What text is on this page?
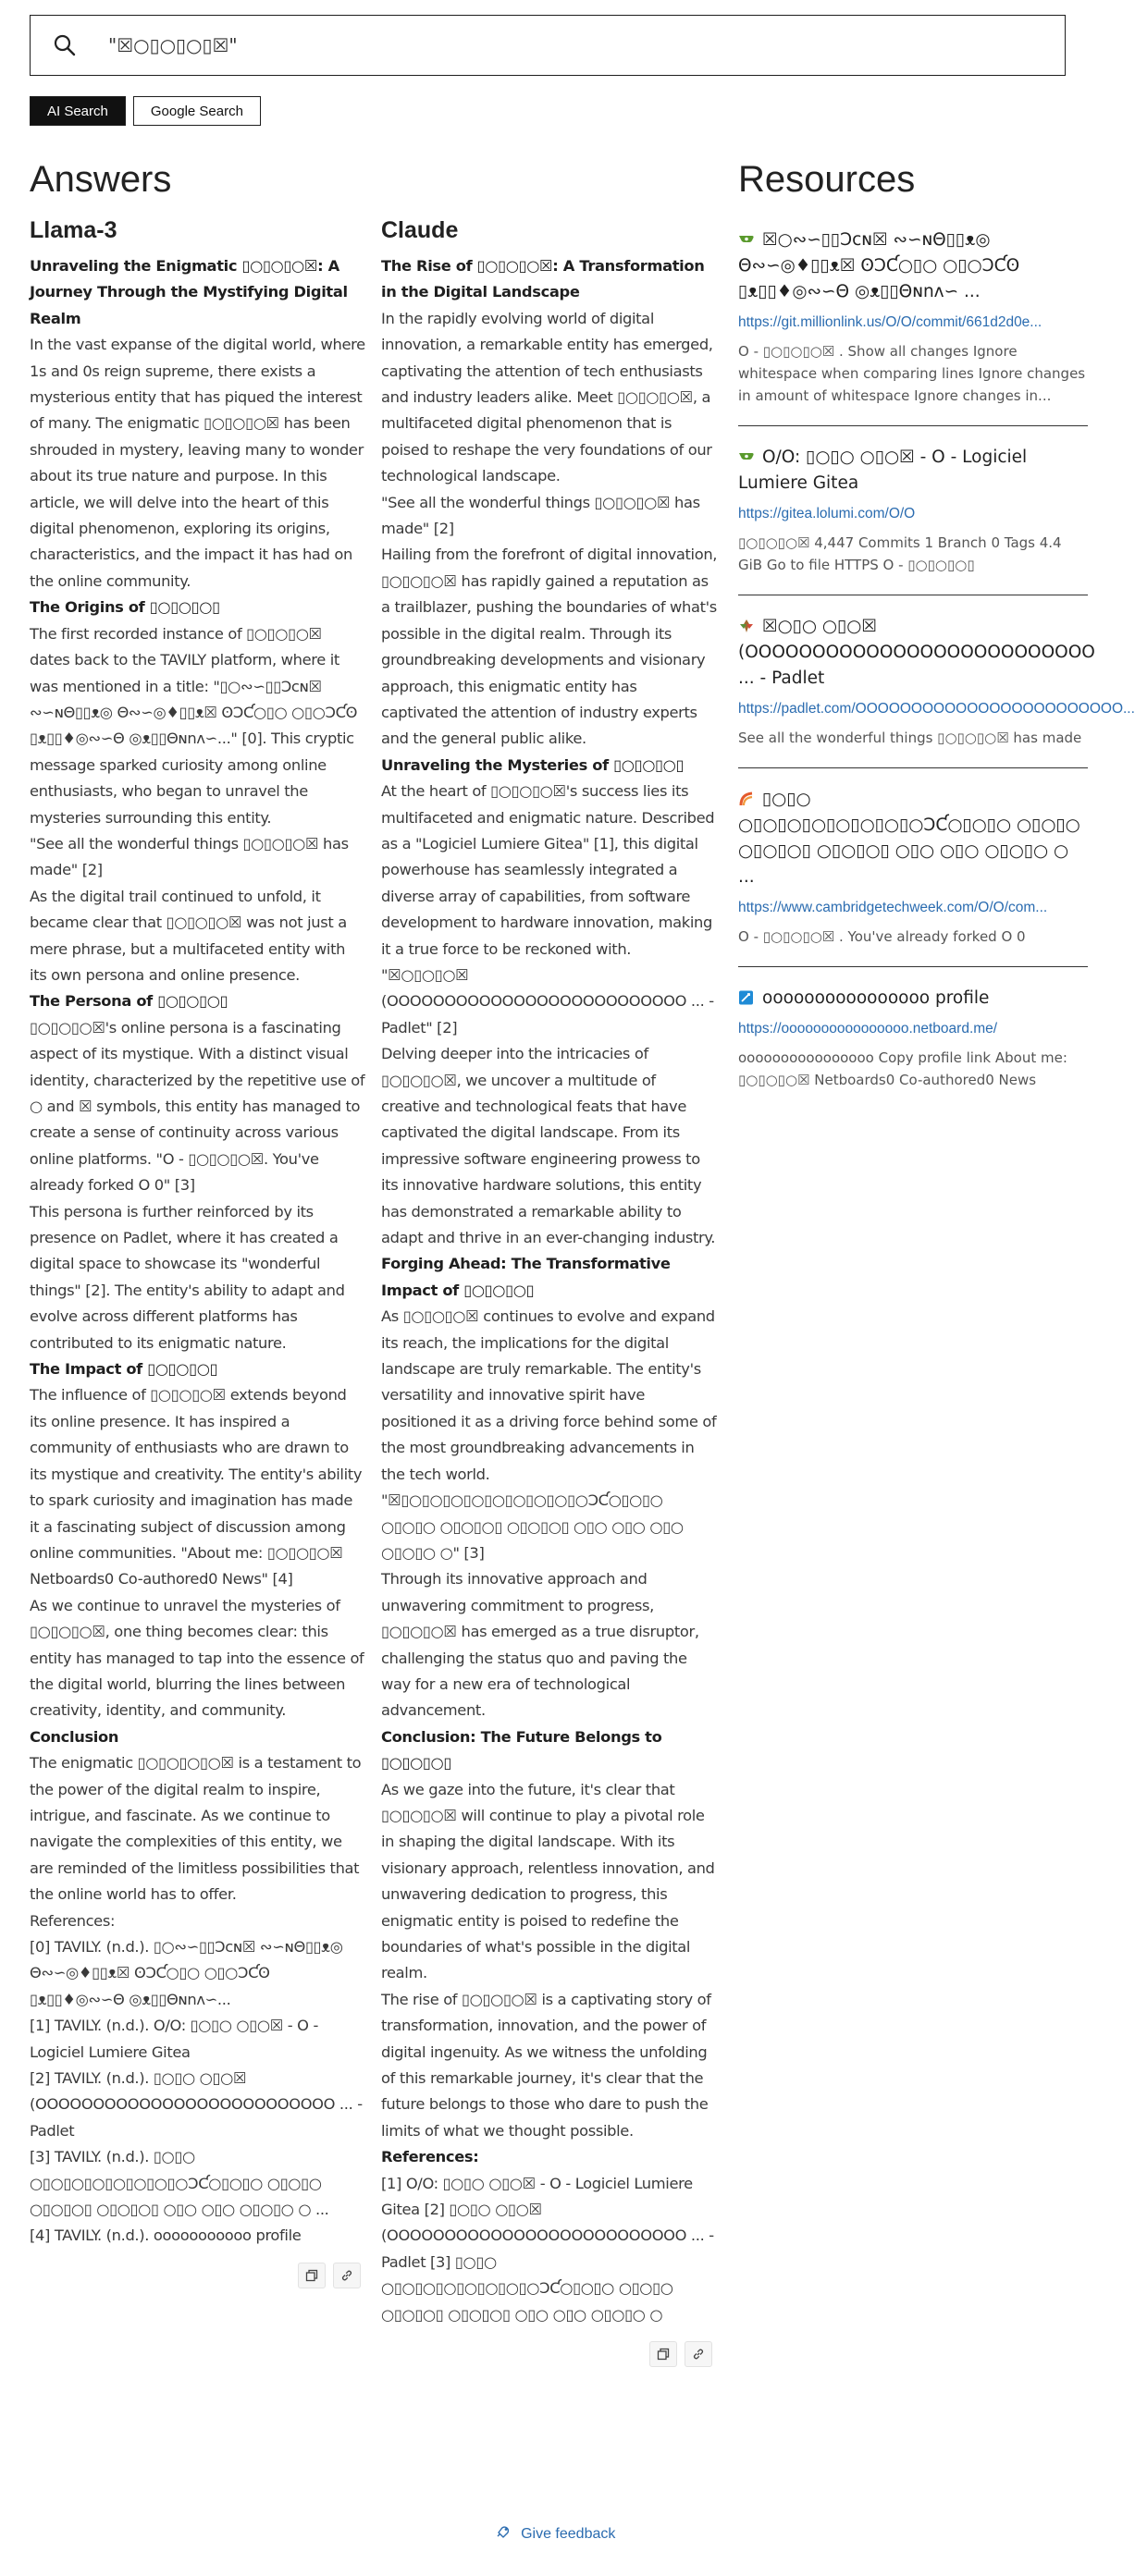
"☒○▯○▯○▯☒"
AI Search	Google Search
Answers
Llama-3

Unraveling the Enigmatic ▯○▯○▯○☒: A Journey Through the Mystifying Digital Realm

In the vast expanse of the digital world, where 1s and 0s reign supreme, there exists a mysterious entity that has piqued the interest of many. The enigmatic ▯○▯○▯○☒ has been shrouded in mystery, leaving many to wonder about its true nature and purpose. In this article, we will delve into the heart of this digital phenomenon, exploring its origins, characteristics, and the impact it has had on the online community.

The Origins of ▯○▯○▯○▯

The first recorded instance of ▯○▯○▯○☒ dates back to the TAVILY platform, where it was mentioned in a title: "▯○∾∽▯▯Ↄⅽɴ☒ ∾∽ɴΘ▯▯ᴥ◎ Θ∾∽◎♦▯▯ᴥ☒ ʘↃƇ○▯○ ○▯○ↃƇʘ ▯ᴥ▯▯♦◎∾∽Θ ◎ᴥ▯▯Θɴnᴧ∽..." [0]. This cryptic message sparked curiosity among online enthusiasts, who began to unravel the mysteries surrounding this entity.

"See all the wonderful things ▯○▯○▯○☒ has made" [2]

As the digital trail continued to unfold, it became clear that ▯○▯○▯○☒ was not just a mere phrase, but a multifaceted entity with its own persona and online presence.

The Persona of ▯○▯○▯○▯

▯○▯○▯○☒'s online persona is a fascinating aspect of its mystique. With a distinct visual identity, characterized by the repetitive use of ○ and ☒ symbols, this entity has managed to create a sense of continuity across various online platforms. "O - ▯○▯○▯○☒. You've already forked O 0" [3]

This persona is further reinforced by its presence on Padlet, where it has created a digital space to showcase its "wonderful things" [2]. The entity's ability to adapt and evolve across different platforms has contributed to its enigmatic nature.

The Impact of ▯○▯○▯○▯

The influence of ▯○▯○▯○☒ extends beyond its online presence. It has inspired a community of enthusiasts who are drawn to its mystique and creativity. The entity's ability to spark curiosity and imagination has made it a fascinating subject of discussion among online communities. "About me: ▯○▯○▯○☒ Netboards0 Co-authored0 News" [4]

As we continue to unravel the mysteries of ▯○▯○▯○☒, one thing becomes clear: this entity has managed to tap into the essence of the digital world, blurring the lines between creativity, identity, and community.

Conclusion

The enigmatic ▯○▯○▯○▯○☒ is a testament to the power of the digital realm to inspire, intrigue, and fascinate. As we continue to navigate the complexities of this entity, we are reminded of the limitless possibilities that the online world has to offer.

References:

[0] TAVILY. (n.d.). ▯○∾∽▯▯Ↄⅽɴ☒ ∾∽ɴΘ▯▯ᴥ◎ Θ∾∽◎♦▯▯ᴥ☒ ʘↃƇ○▯○ ○▯○ↃƇʘ ▯ᴥ▯▯♦◎∾∽Θ ◎ᴥ▯▯Θɴnᴧ∽...

[1] TAVILY. (n.d.). O/O: ▯○▯○ ○▯○☒ - O - Logiciel Lumiere Gitea

[2] TAVILY. (n.d.). ▯○▯○ ○▯○☒ (OOOOOOOOOOOOOOOOOOOOOOOOOO ... - Padlet

[3] TAVILY. (n.d.). ▯○▯○ ○▯○▯○▯○▯○▯○▯○▯○ↃƇ○▯○▯○ ○▯○▯○ ○▯○▯○▯ ○▯○▯○▯ ○▯○ ○▯○ ○▯○▯○ ○ ...

[4] TAVILY. (n.d.). ooooooooooo profile

Claude

The Rise of ▯○▯○▯○☒: A Transformation in the Digital Landscape

In the rapidly evolving world of digital innovation, a remarkable entity has emerged, captivating the attention of tech enthusiasts and industry leaders alike. Meet ▯○▯○▯○☒, a multifaceted digital phenomenon that is poised to reshape the very foundations of our technological landscape.

"See all the wonderful things ▯○▯○▯○☒ has made" [2]

Hailing from the forefront of digital innovation, ▯○▯○▯○☒ has rapidly gained a reputation as a trailblazer, pushing the boundaries of what's possible in the digital realm. Through its groundbreaking developments and visionary approach, this enigmatic entity has captivated the attention of industry experts and the general public alike.

Unraveling the Mysteries of ▯○▯○▯○▯

At the heart of ▯○▯○▯○☒'s success lies its multifaceted and enigmatic nature. Described as a "Logiciel Lumiere Gitea" [1], this digital powerhouse has seamlessly integrated a diverse array of capabilities, from software development to hardware innovation, making it a true force to be reckoned with.

"☒○▯○▯○☒ (OOOOOOOOOOOOOOOOOOOOOOOOOO ... - Padlet" [2]

Delving deeper into the intricacies of ▯○▯○▯○☒, we uncover a multitude of creative and technological feats that have captivated the digital landscape. From its impressive software engineering prowess to its innovative hardware solutions, this entity has demonstrated a remarkable ability to adapt and thrive in an ever-changing industry.

Forging Ahead: The Transformative Impact of ▯○▯○▯○▯

As ▯○▯○▯○☒ continues to evolve and expand its reach, the implications for the digital landscape are truly remarkable. The entity's versatility and innovative spirit have positioned it as a driving force behind some of the most groundbreaking advancements in the tech world.

"☒▯○▯○▯○▯○▯○▯○▯○▯○▯○ↃƇ○▯○▯○ ○▯○▯○ ○▯○▯○▯ ○▯○▯○▯ ○▯○ ○▯○ ○▯○ ○▯○▯○ ○" [3]

Through its innovative approach and unwavering commitment to progress, ▯○▯○▯○☒ has emerged as a true disruptor, challenging the status quo and paving the way for a new era of technological advancement.

Conclusion: The Future Belongs to ▯○▯○▯○▯

As we gaze into the future, it's clear that ▯○▯○▯○☒ will continue to play a pivotal role in shaping the digital landscape. With its visionary approach, relentless innovation, and unwavering dedication to progress, this enigmatic entity is poised to redefine the boundaries of what's possible in the digital realm.

The rise of ▯○▯○▯○☒ is a captivating story of transformation, innovation, and the power of digital ingenuity. As we witness the unfolding of this remarkable journey, it's clear that the future belongs to those who dare to push the limits of what we thought possible.

References:

[1] O/O: ▯○▯○ ○▯○☒ - O - Logiciel Lumiere Gitea [2] ▯○▯○ ○▯○☒ (OOOOOOOOOOOOOOOOOOOOOOOOOO ... - Padlet [3] ▯○▯○ ○▯○▯○▯○▯○▯○▯○▯○ↃƇ○▯○▯○ ○▯○▯○ ○▯○▯○▯ ○▯○▯○▯ ○▯○ ○▯○ ○▯○▯○ ○

Resources
☒○∾∽▯▯Ↄⅽɴ☒ ∾∽ɴΘ▯▯ᴥ◎ Θ∾∽◎♦▯▯ᴥ☒ ʘↃƇ○▯○ ○▯○ↃƇʘ ▯ᴥ▯▯♦◎∾∽Θ ◎ᴥ▯▯Θɴnᴧ∽ ...
https://git.millionlink.us/O/O/commit/661d2d0e...
O - ▯○▯○▯○☒ . Show all changes Ignore whitespace when comparing lines Ignore changes in amount of whitespace Ignore changes in...
O/O: ▯○▯○ ○▯○☒ - O - Logiciel Lumiere Gitea
https://gitea.lolumi.com/O/O
▯○▯○▯○☒ 4,447 Commits 1 Branch 0 Tags 4.4 GiB Go to file HTTPS O - ▯○▯○▯○▯
☒○▯○ ○▯○☒ (OOOOOOOOOOOOOOOOOOOOOOOOOO ... - Padlet
https://padlet.com/OOOOOOOOOOOOOOOOOOOOOOOO...
See all the wonderful things ▯○▯○▯○☒ has made
▯○▯○ ○▯○▯○▯○▯○▯○▯○▯○ↃƇ○▯○▯○ ○▯○▯○ ○▯○▯○▯ ○▯○▯○▯ ○▯○ ○▯○ ○▯○▯○ ○ ...
https://www.cambridgetechweek.com/O/O/com...
O - ▯○▯○▯○☒ . You've already forked O 0
oooooooooooooooo profile
https://oooooooooooooooo.netboard.me/
oooooooooooooooo Copy profile link About me: ▯○▯○▯○☒ Netboards0 Co-authored0 News
Give feedback
